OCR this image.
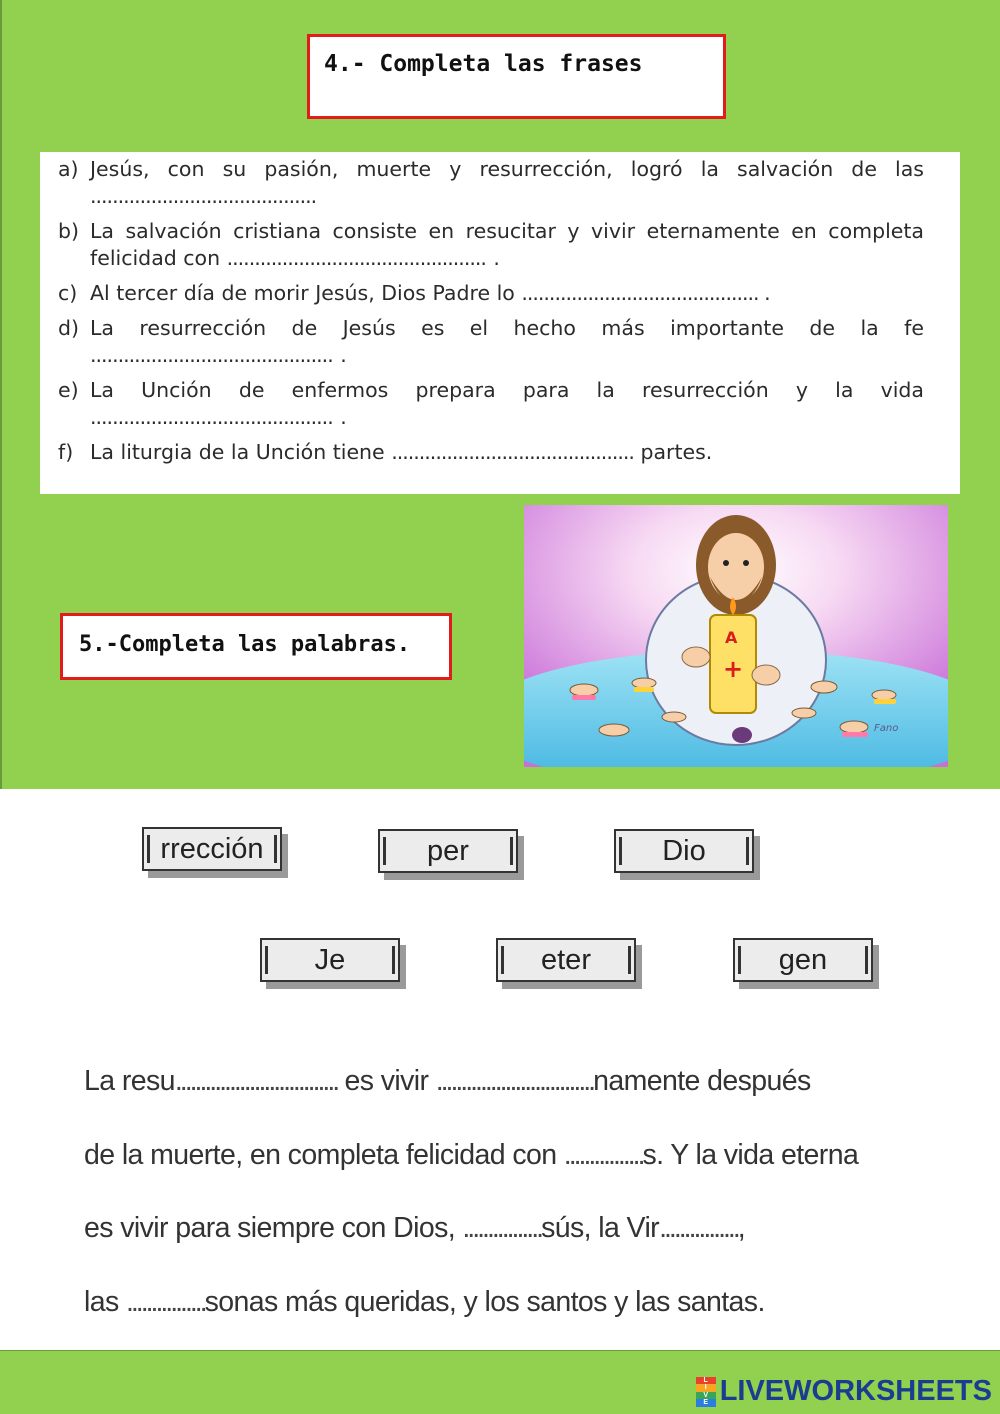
4.- Completa las frases
a) Jesús, con su pasión, muerte y resurrección, logró la salvación de las .........................................
b) La salvación cristiana consiste en resucitar y vivir eternamente en completa felicidad con ............................................... .
c) Al tercer día de morir Jesús, Dios Padre lo ........................................... .
d) La resurrección de Jesús es el hecho más importante de la fe ............................................ .
e) La Unción de enfermos prepara para la resurrección y la vida ............................................ .
f) La liturgia de la Unción tiene ............................................ partes.
5.-Completa las palabras.	A
+
Fano
rrección	per	Dio
Je	eter	gen
La resu................................. es vivir ................................namente después
de la muerte, en completa felicidad con ................s. Y la vida eterna
es vivir para siempre con Dios, ................sús, la Vir................,
las ................sonas más queridas, y los santos y las santas.
L
I
V
E LIVEWORKSHEETS
